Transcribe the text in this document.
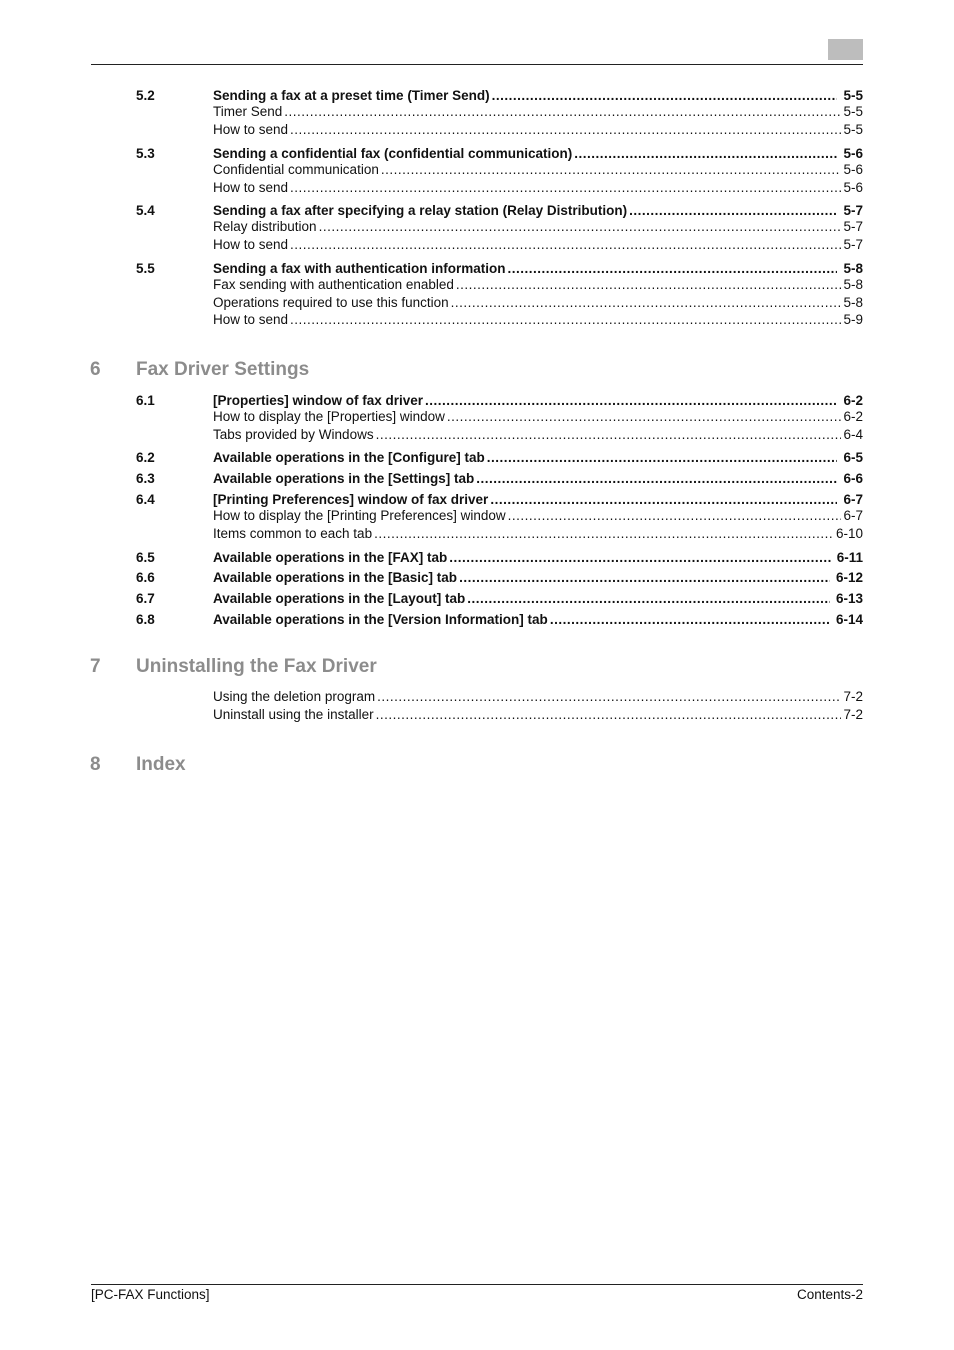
5.2	Sending a fax at a preset time (Timer Send) .....	5-5
Timer Send .....	5-5
How to send .....	5-5
5.3	Sending a confidential fax (confidential communication) .....	5-6
Confidential communication .....	5-6
How to send .....	5-6
5.4	Sending a fax after specifying a relay station (Relay Distribution) .....	5-7
Relay distribution .....	5-7
How to send .....	5-7
5.5	Sending a fax with authentication information .....	5-8
Fax sending with authentication enabled .....	5-8
Operations required to use this function .....	5-8
How to send .....	5-9
6.1	[Properties] window of fax driver .....	6-2
How to display the [Properties] window .....	6-2
Tabs provided by Windows .....	6-4
6.2	Available operations in the [Configure] tab .....	6-5
6.3	Available operations in the [Settings] tab .....	6-6
6.4	[Printing Preferences] window of fax driver .....	6-7
How to display the [Printing Preferences] window .....	6-7
Items common to each tab .....	6-10
6.5	Available operations in the [FAX] tab .....	6-11
6.6	Available operations in the [Basic] tab .....	6-12
6.7	Available operations in the [Layout] tab .....	6-13
6.8	Available operations in the [Version Information] tab .....	6-14
Using the deletion program .....	7-2
Uninstall using the installer .....	7-2
6 Fax Driver Settings
7 Uninstalling the Fax Driver
8 Index
[PC-FAX Functions]	Contents-2
